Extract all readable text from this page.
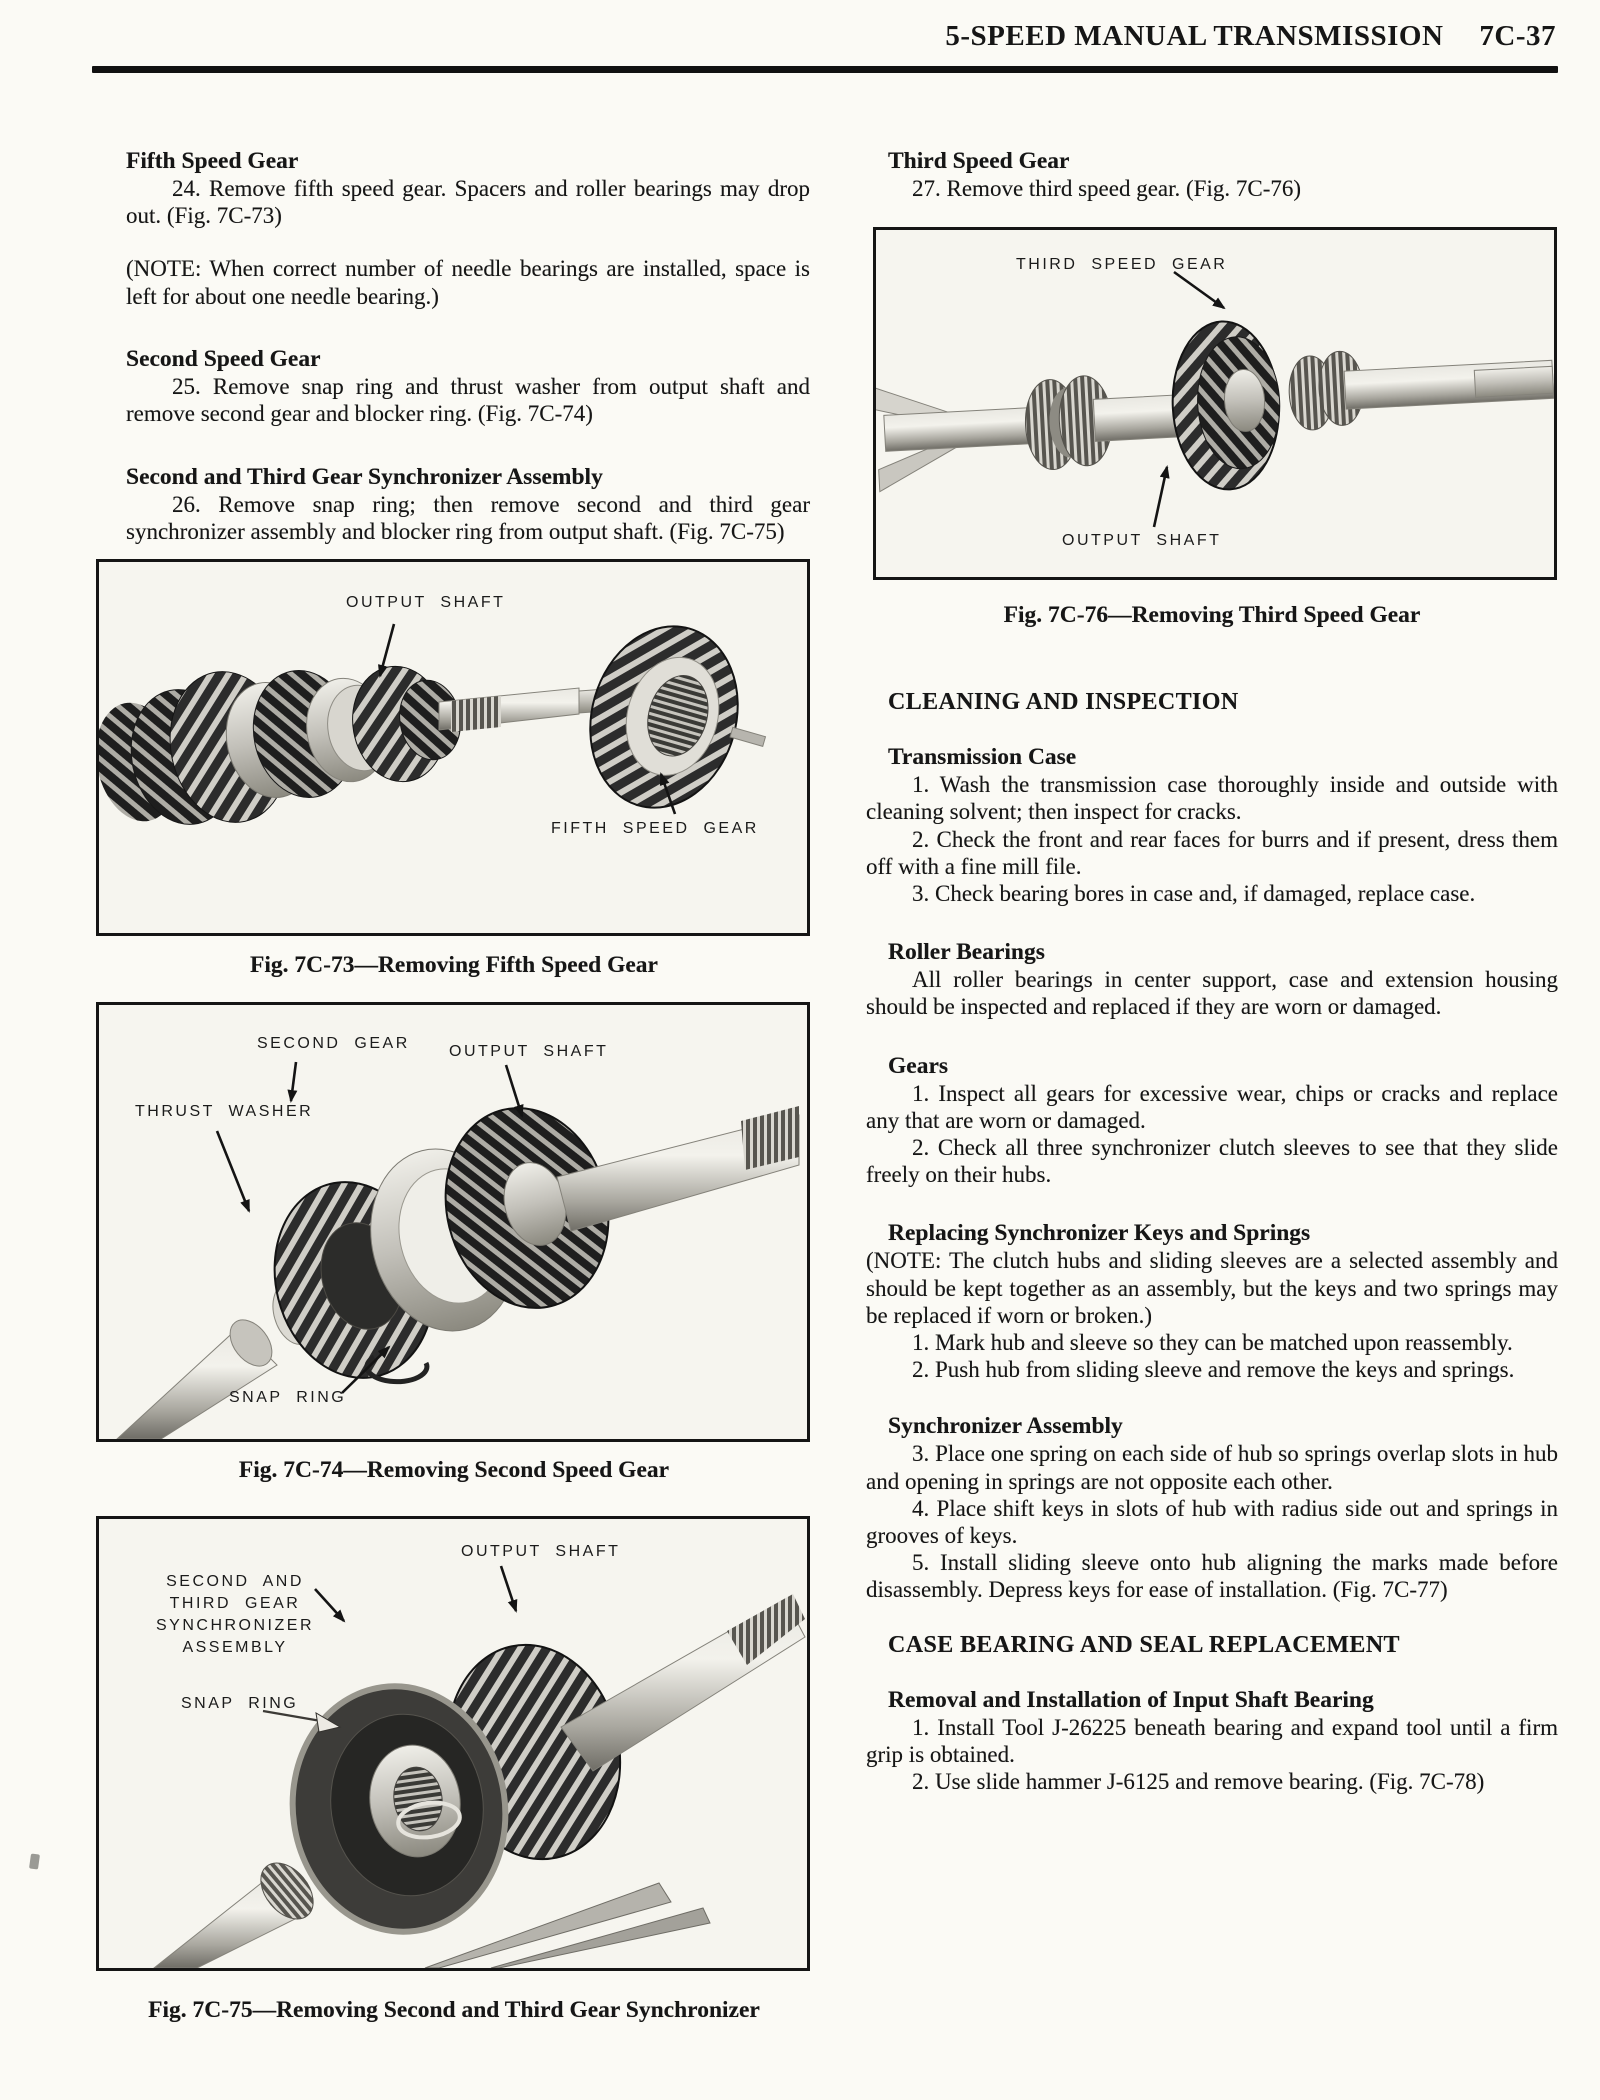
5-SPEED MANUAL TRANSMISSION 7C-37
Fifth Speed Gear

24. Remove fifth speed gear. Spacers and roller bearings may drop out. (Fig. 7C-73)

(NOTE: When correct number of needle bearings are installed, space is left for about one needle bearing.)

Second Speed Gear

25. Remove snap ring and thrust washer from output shaft and remove second gear and blocker ring. (Fig. 7C-74)

Second and Third Gear Synchronizer Assembly

26. Remove snap ring; then remove second and third gear synchronizer assembly and blocker ring from output shaft. (Fig. 7C-75)

OUTPUT SHAFT
FIFTH SPEED GEAR

Fig. 7C-73—Removing Fifth Speed Gear

SECOND GEAR OUTPUT SHAFT
THRUST WASHER
SNAP RING

Fig. 7C-74—Removing Second Speed Gear

OUTPUT SHAFT
SECOND AND THIRD GEAR
SYNCHRONIZER ASSEMBLY
SNAP RING

Fig. 7C-75—Removing Second and Third Gear Synchronizer

Third Speed Gear

27. Remove third speed gear. (Fig. 7C-76)

THIRD SPEED GEAR
OUTPUT SHAFT

Fig. 7C-76—Removing Third Speed Gear

CLEANING AND INSPECTION
Transmission Case

1. Wash the transmission case thoroughly inside and outside with cleaning solvent; then inspect for cracks.

2. Check the front and rear faces for burrs and if present, dress them off with a fine mill file.

3. Check bearing bores in case and, if damaged, replace case.

Roller Bearings

All roller bearings in center support, case and extension housing should be inspected and replaced if they are worn or damaged.

Gears

1. Inspect all gears for excessive wear, chips or cracks and replace any that are worn or damaged.

2. Check all three synchronizer clutch sleeves to see that they slide freely on their hubs.

Replacing Synchronizer Keys and Springs

(NOTE: The clutch hubs and sliding sleeves are a selected assembly and should be kept together as an assembly, but the keys and two springs may be replaced if worn or broken.)

1. Mark hub and sleeve so they can be matched upon reassembly.

2. Push hub from sliding sleeve and remove the keys and springs.

Synchronizer Assembly

3. Place one spring on each side of hub so springs overlap slots in hub and opening in springs are not opposite each other.

4. Place shift keys in slots of hub with radius side out and springs in grooves of keys.

5. Install sliding sleeve onto hub aligning the marks made before disassembly. Depress keys for ease of installation. (Fig. 7C-77)

CASE BEARING AND SEAL REPLACEMENT
Removal and Installation of Input Shaft Bearing

1. Install Tool J-26225 beneath bearing and expand tool until a firm grip is obtained.

2. Use slide hammer J-6125 and remove bearing. (Fig. 7C-78)
